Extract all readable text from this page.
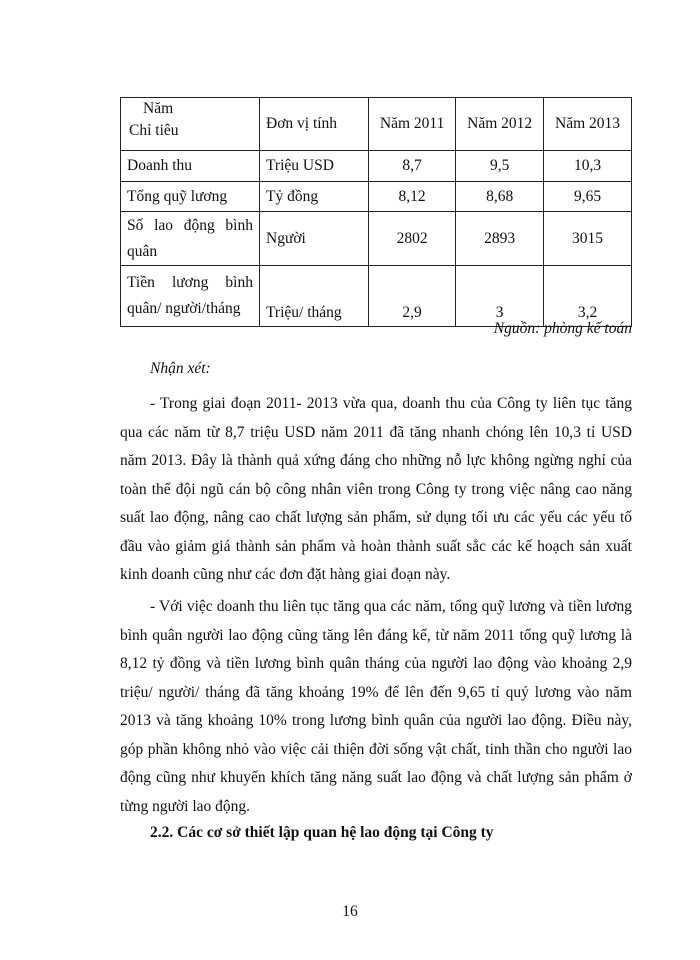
Năm
Chỉ tiêu	Đơn vị tính	Năm 2011	Năm 2012	Năm 2013
Doanh thu	Triệu USD	8,7	9,5	10,3
Tổng quỹ lương	Tỷ đồng	8,12	8,68	9,65

Số lao động bình
quân	Người	2802	2893	3015

Tiền lương bình
quân/ người/tháng	Triệu/ tháng	2,9	3	3,2
Nguồn: phòng kế toán
Nhận xét:

- Trong giai đoạn 2011- 2013 vừa qua, doanh thu của Công ty liên tục tăng qua các năm từ 8,7 triệu USD năm 2011 đã tăng nhanh chóng lên 10,3 tỉ USD năm 2013. Đây là thành quả xứng đáng cho những nỗ lực không ngừng nghỉ của toàn thể đội ngũ cán bộ công nhân viên trong Công ty trong việc nâng cao năng suất lao động, nâng cao chất lượng sản phẩm, sử dụng tối ưu các yếu các yếu tố đầu vào giảm giá thành sản phẩm và hoàn thành suất sắc các kế hoạch sản xuất kinh doanh cũng như các đơn đặt hàng giai đoạn này.

- Với việc doanh thu liên tục tăng qua các năm, tổng quỹ lương và tiền lương bình quân người lao động cũng tăng lên đáng kể, từ năm 2011 tổng quỹ lương là 8,12 tỷ đồng và tiền lương bình quân tháng của người lao động vào khoảng 2,9 triệu/ người/ tháng đã tăng khoảng 19% để lên đến 9,65 tỉ quý lương vào năm 2013 và tăng khoảng 10% trong lương bình quân của người lao động. Điều này, góp phần không nhỏ vào việc cải thiện đời sống vật chất, tinh thần cho người lao động cũng như khuyến khích tăng năng suất lao động và chất lượng sản phẩm ở từng người lao động.

2.2. Các cơ sở thiết lập quan hệ lao động tại Công ty
16
